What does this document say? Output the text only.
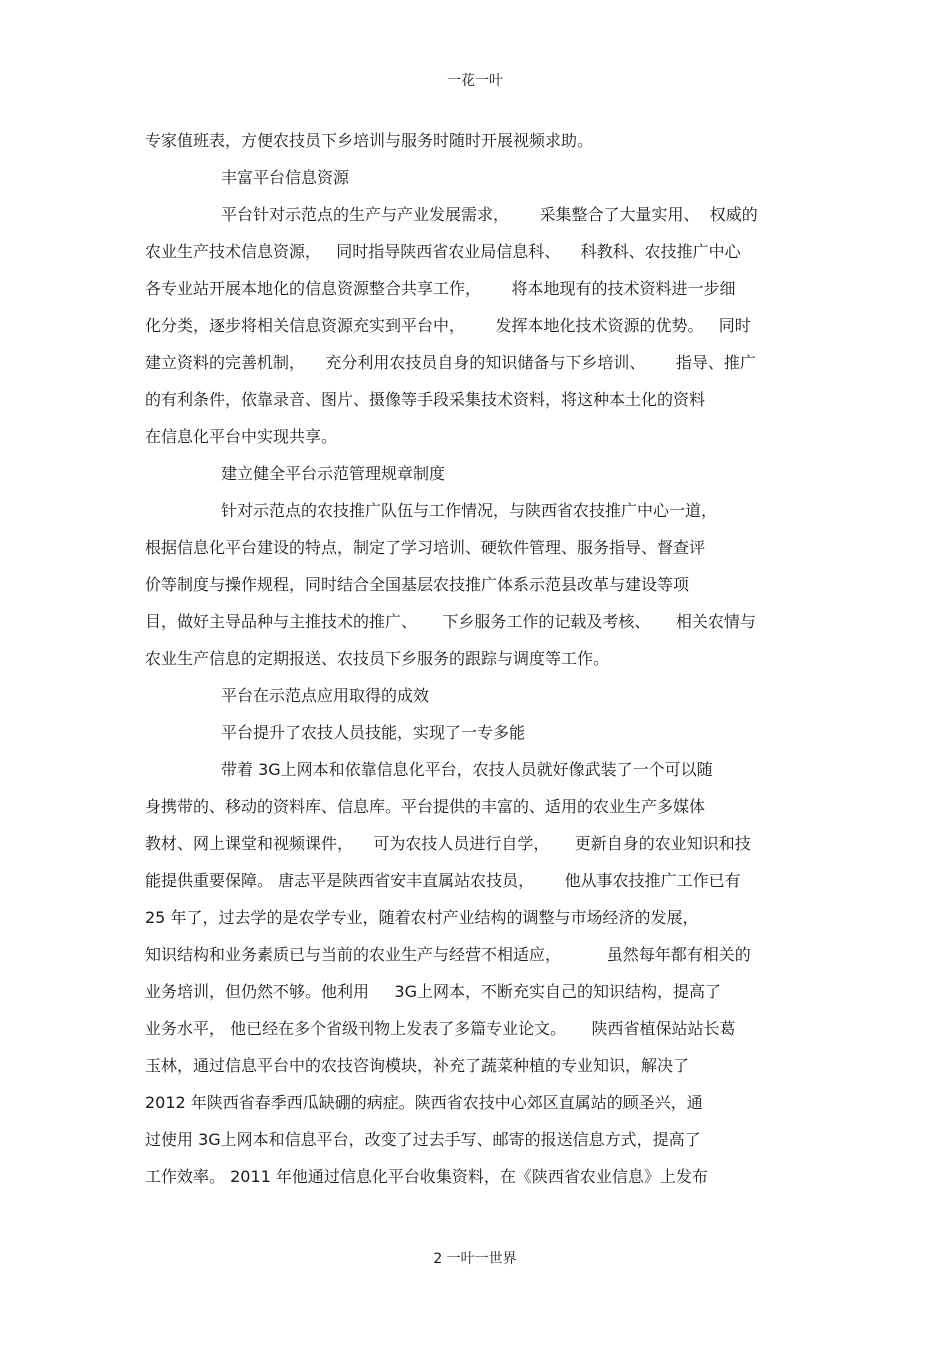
一花一叶
专家值班表，方便农技员下乡培训与服务时随时开展视频求助。
丰富平台信息资源
平台针对示范点的生产与产业发展需求，      采集整合了大量实用、  权威的
农业生产技术信息资源，   同时指导陕西省农业局信息科、    科教科、农技推广中心
各专业站开展本地化的信息资源整合共享工作，      将本地现有的技术资料进一步细
化分类，逐步将相关信息资源充实到平台中，      发挥本地化技术资源的优势。   同时
建立资料的完善机制，    充分利用农技员自身的知识储备与下乡培训、      指导、推广
的有利条件，依靠录音、图片、摄像等手段采集技术资料，将这种本土化的资料
在信息化平台中实现共享。
建立健全平台示范管理规章制度
针对示范点的农技推广队伍与工作情况，与陕西省农技推广中心一道，
根据信息化平台建设的特点，制定了学习培训、硬软件管理、服务指导、督查评
价等制度与操作规程，同时结合全国基层农技推广体系示范县改革与建设等项
目，做好主导品种与主推技术的推广、     下乡服务工作的记载及考核、     相关农情与
农业生产信息的定期报送、农技员下乡服务的跟踪与调度等工作。
平台在示范点应用取得的成效
平台提升了农技人员技能，实现了一专多能
带着 3G上网本和依靠信息化平台，农技人员就好像武装了一个可以随
身携带的、移动的资料库、信息库。平台提供的丰富的、适用的农业生产多媒体
教材、网上课堂和视频课件，    可为农技人员进行自学，     更新自身的农业知识和技
能提供重要保障。 唐志平是陕西省安丰直属站农技员，      他从事农技推广工作已有
25 年了，过去学的是农学专业，随着农村产业结构的调整与市场经济的发展，
知识结构和业务素质已与当前的农业生产与经营不相适应，         虽然每年都有相关的
业务培训，但仍然不够。他利用     3G上网本，不断充实自己的知识结构，提高了
业务水平， 他已经在多个省级刊物上发表了多篇专业论文。     陕西省植保站站长葛
玉林，通过信息平台中的农技咨询模块，补充了蔬菜种植的专业知识，解决了
2012 年陕西省春季西瓜缺硼的病症。陕西省农技中心郊区直属站的顾圣兴，通
过使用 3G上网本和信息平台，改变了过去手写、邮寄的报送信息方式，提高了
工作效率。 2011 年他通过信息化平台收集资料，在《陕西省农业信息》上发布
2 一叶一世界
